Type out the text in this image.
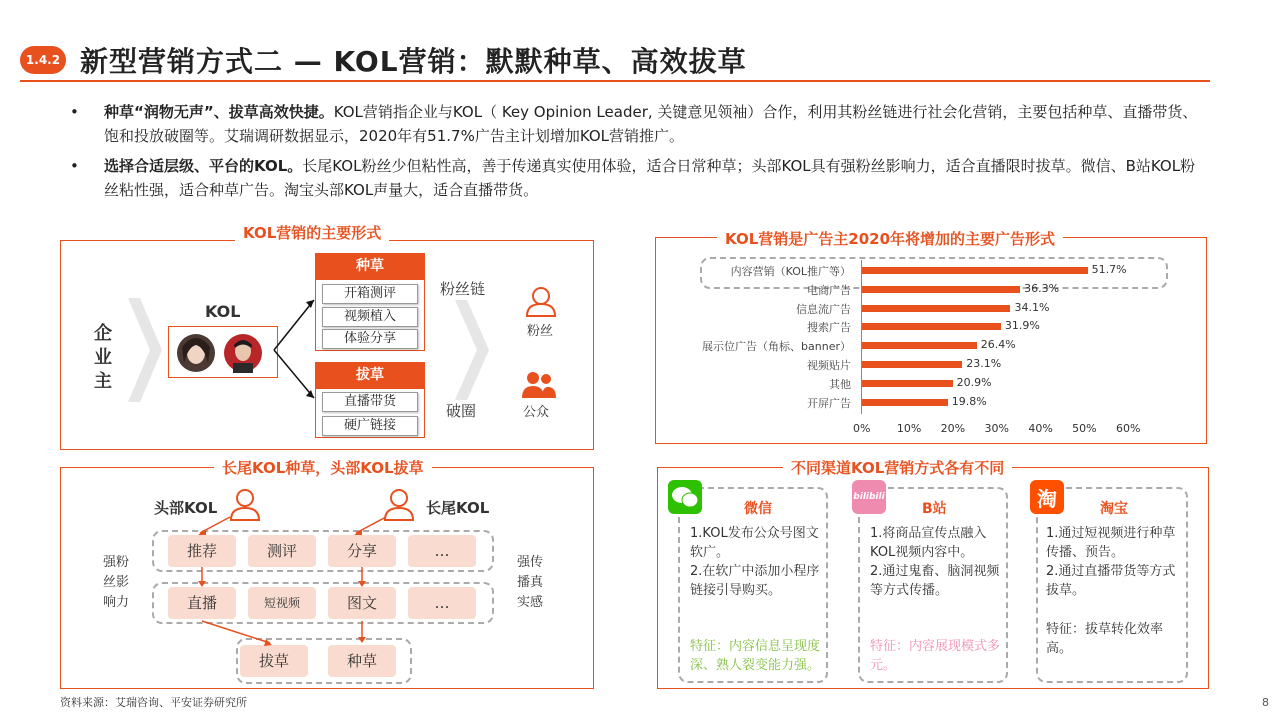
1.4.2 新型营销方式二 — KOL营销：默默种草、高效拔草
• 种草“润物无声”、拔草高效快捷。KOL营销指企业与KOL（ Key Opinion Leader, 关键意见领袖）合作，利用其粉丝链进行社会化营销，主要包括种草、直播带货、饱和投放破圈等。艾瑞调研数据显示，2020年有51.7%广告主计划增加KOL营销推广。
• 选择合适层级、平台的KOL。长尾KOL粉丝少但粘性高，善于传递真实使用体验，适合日常种草；头部KOL具有强粉丝影响力，适合直播限时拔草。微信、B站KOL粉丝粘性强，适合种草广告。淘宝头部KOL声量大，适合直播带货。
KOL营销的主要形式
企业主
KOL
种草
开箱测评
视频植入
体验分享
拔草
直播带货
硬广链接
粉丝链
破圈
粉丝
公众
长尾KOL种草，头部KOL拔草
头部KOL	长尾KOL
强粉丝影响力
强传播真实感
推荐	测评	分享	…
直播	短视频	图文	…
拔草	种草
KOL营销是广告主2020年将增加的主要广告形式
内容营销（KOL推广等）	51.7%
电商广告	36.3%
信息流广告	34.1%
搜索广告	31.9%
展示位广告（角标、banner）	26.4%
视频贴片	23.1%
其他	20.9%
开屏广告	19.8%
0% 10% 20% 30% 40% 50% 60%
不同渠道KOL营销方式各有不同
微信
1.KOL发布公众号图文软广。
2.在软广中添加小程序链接引导购买。
特征：内容信息呈现度深、熟人裂变能力强。
bilibili
B站
1.将商品宣传点融入KOL视频内容中。
2.通过鬼畜、脑洞视频等方式传播。
特征：内容展现模式多元。
淘	淘宝
1.通过短视频进行种草传播、预告。
2.通过直播带货等方式拔草。
特征：拔草转化效率高。
资料来源：艾瑞咨询、平安证券研究所	8
